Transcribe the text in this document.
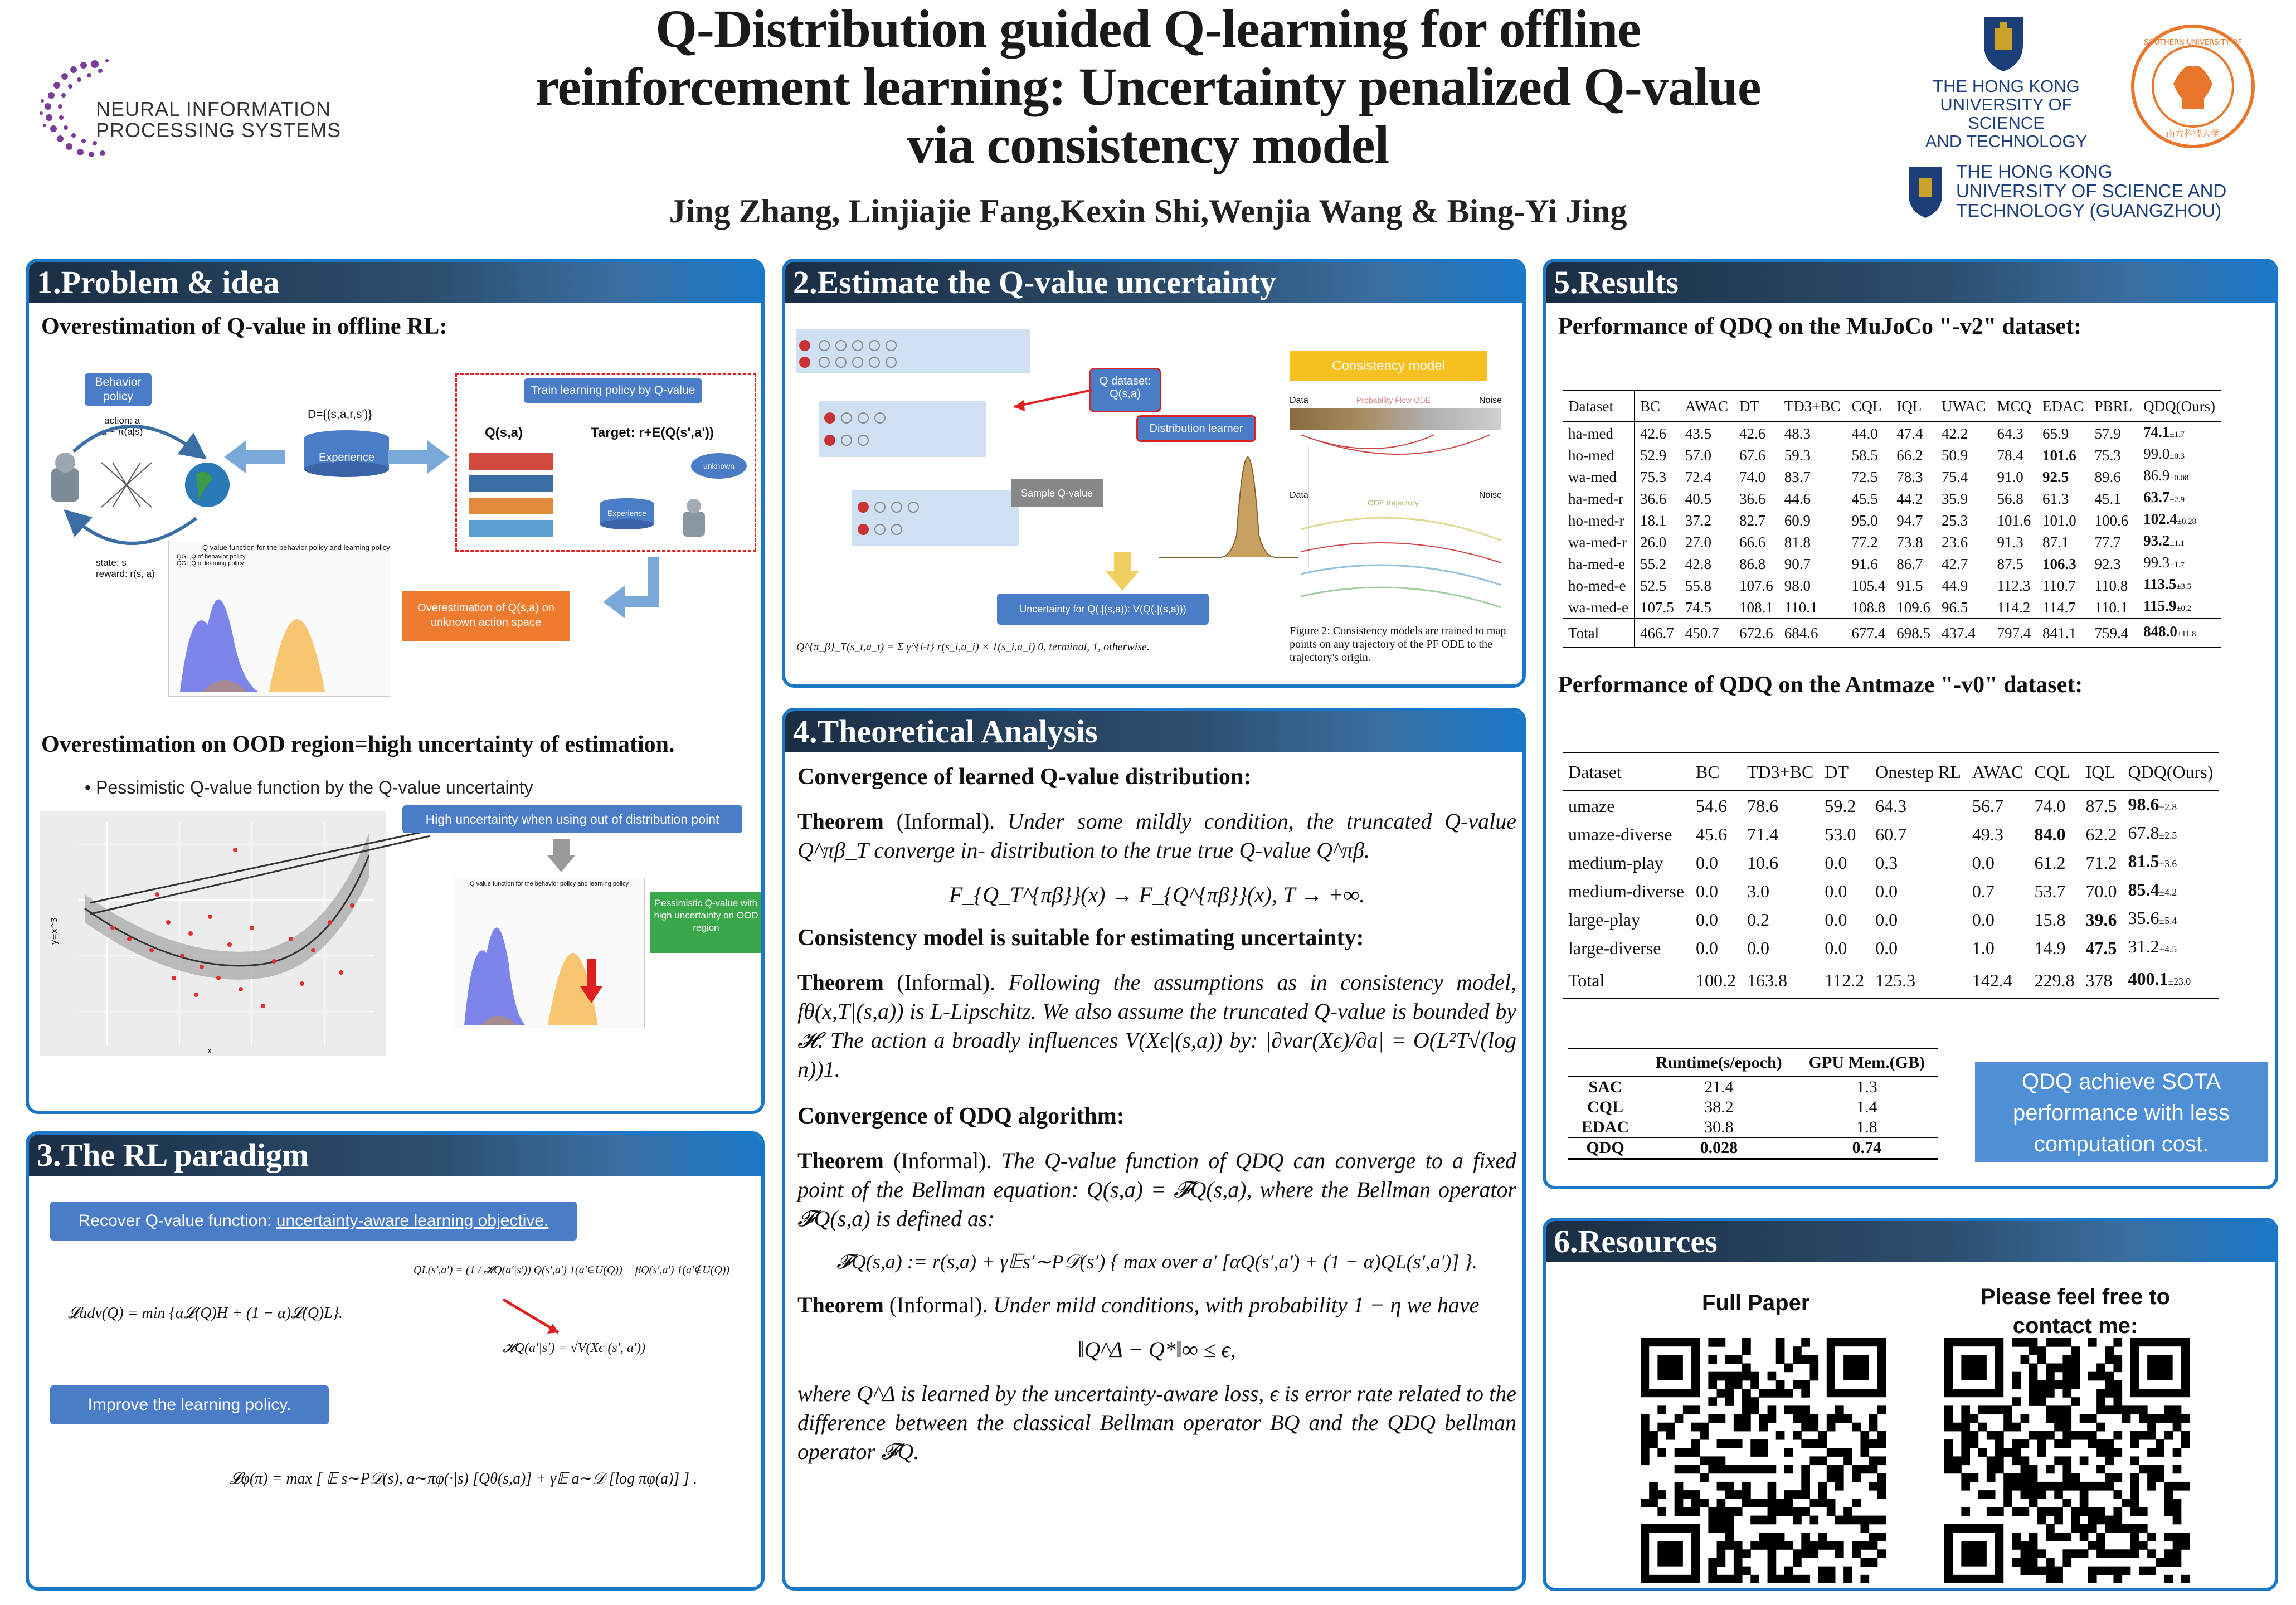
NEURAL INFORMATION
PROCESSING SYSTEMS
Q-Distribution guided Q-learning for offline
reinforcement learning: Uncertainty penalized Q-value
via consistency model
Jing Zhang, Linjiajie Fang,Kexin Shi,Wenjia Wang & Bing-Yi Jing
THE HONG KONG
UNIVERSITY OF SCIENCE
AND TECHNOLOGY
SOUTHERN UNIVERSITY OF
南方科技大学
THE HONG KONG
UNIVERSITY OF SCIENCE AND
TECHNOLOGY (GUANGZHOU)
1.Problem & idea
Overestimation of Q-value in offline RL:
Behavior policy
action: a
a ~ π(a|s)
state: s
reward: r(s, a)
D={(s,a,r,s')}
Experience
Train learning policy by Q-value
Q(s,a)	Target: r+E(Q(s',a'))
Experience
unknown
Overestimation of Q(s,a) on unknown action space
Q value function for the behavior policy and learning policy
QGL,Q of behavior policy
QGL,Q of learning policy
Overestimation on OOD region=high uncertainty of estimation.
• Pessimistic Q-value function by the Q-value uncertainty
y=x^3
x
High uncertainty when using out of distribution point
Q value function for the behavior policy and learning policy
Pessimistic Q-value with high uncertainty on OOD region
3.The RL paradigm
Recover Q-value function: uncertainty-aware learning objective.
QL(s′,a′) = (1 / 𝓗Q(a′|s′)) Q(s′,a′) 1(a′∈U(Q)) + βQ(s′,a′) 1(a′∉U(Q))
𝓛adv(Q) = min {α𝓛(Q)H + (1 − α)𝓛(Q)L}.
𝓗Q(a′|s′) = √V(Xϵ|(s′, a′))
Improve the learning policy.
𝓛φ(π) = max [ 𝔼 s∼P𝒟(s), a∼πφ(·|s) [Qθ(s,a)] + γ𝔼 a∼𝒟 [log πφ(a)] ] .
2.Estimate the Q-value uncertainty
Q dataset: Q(s,a)
Distribution learner
Sample Q-value
Uncertainty for Q(.|(s,a)): V(Q(.|(s,a)))
Q^{π_β}_T(s_t,a_t) = Σ γ^{i-t} r(s_i,a_i) × 1(s_i,a_i) 0, terminal, 1, otherwise.
Consistency model
Data	Probability Flow ODE	Noise
Data
ODE trajectory
Noise
Figure 2: Consistency models are trained to map points on any trajectory of the PF ODE to the trajectory's origin.
4.Theoretical Analysis
Convergence of learned Q-value distribution:
Theorem (Informal). Under some mildly condition, the truncated Q-value Q^πβ_T converge in- distribution to the true true Q-value Q^πβ.
F_{Q_T^{πβ}}(x) → F_{Q^{πβ}}(x), T → +∞.
Consistency model is suitable for estimating uncertainty:
Theorem (Informal). Following the assumptions as in consistency model, fθ(x,T|(s,a)) is L-Lipschitz. We also assume the truncated Q-value is bounded by 𝓗. The action a broadly influences V(Xϵ|(s,a)) by: |∂var(Xϵ)/∂a| = O(L²T√(log n))1.
Convergence of QDQ algorithm:
Theorem (Informal). The Q-value function of QDQ can converge to a fixed point of the Bellman equation: Q(s,a) = 𝓕Q(s,a), where the Bellman operator 𝓕Q(s,a) is defined as:
𝓕Q(s,a) := r(s,a) + γ𝔼s′∼P𝒟(s′) { max over a′ [αQ(s′,a′) + (1 − α)QL(s′,a′)] }.
Theorem (Informal). Under mild conditions, with probability 1 − η we have
‖Q^Δ − Q*‖∞ ≤ ϵ,
where Q^Δ is learned by the uncertainty-aware loss, ϵ is error rate related to the difference between the classical Bellman operator BQ and the QDQ bellman operator 𝓕Q.
5.Results
Performance of QDQ on the MuJoCo "-v2" dataset:
Dataset	BC	AWAC	DT	TD3+BC	CQL	IQL	UWAC	MCQ	EDAC	PBRL	QDQ(Ours)
ha-med	42.6	43.5	42.6	48.3	44.0	47.4	42.2	64.3	65.9	57.9	74.1±1.7
ho-med	52.9	57.0	67.6	59.3	58.5	66.2	50.9	78.4	101.6	75.3	99.0±0.3
wa-med	75.3	72.4	74.0	83.7	72.5	78.3	75.4	91.0	92.5	89.6	86.9±0.08
ha-med-r	36.6	40.5	36.6	44.6	45.5	44.2	35.9	56.8	61.3	45.1	63.7±2.9
ho-med-r	18.1	37.2	82.7	60.9	95.0	94.7	25.3	101.6	101.0	100.6	102.4±0.28
wa-med-r	26.0	27.0	66.6	81.8	77.2	73.8	23.6	91.3	87.1	77.7	93.2±1.1
ha-med-e	55.2	42.8	86.8	90.7	91.6	86.7	42.7	87.5	106.3	92.3	99.3±1.7
ho-med-e	52.5	55.8	107.6	98.0	105.4	91.5	44.9	112.3	110.7	110.8	113.5±3.5
wa-med-e	107.5	74.5	108.1	110.1	108.8	109.6	96.5	114.2	114.7	110.1	115.9±0.2
Total	466.7	450.7	672.6	684.6	677.4	698.5	437.4	797.4	841.1	759.4	848.0±11.8
Performance of QDQ on the Antmaze "-v0" dataset:
Dataset	BC	TD3+BC	DT	Onestep RL	AWAC	CQL	IQL	QDQ(Ours)
umaze	54.6	78.6	59.2	64.3	56.7	74.0	87.5	98.6±2.8
umaze-diverse	45.6	71.4	53.0	60.7	49.3	84.0	62.2	67.8±2.5
medium-play	0.0	10.6	0.0	0.3	0.0	61.2	71.2	81.5±3.6
medium-diverse	0.0	3.0	0.0	0.0	0.7	53.7	70.0	85.4±4.2
large-play	0.0	0.2	0.0	0.0	0.0	15.8	39.6	35.6±5.4
large-diverse	0.0	0.0	0.0	0.0	1.0	14.9	47.5	31.2±4.5
Total	100.2	163.8	112.2	125.3	142.4	229.8	378	400.1±23.0
	Runtime(s/epoch)	GPU Mem.(GB)
SAC	21.4	1.3
CQL	38.2	1.4
EDAC	30.8	1.8
QDQ	0.028	0.74
QDQ achieve SOTA performance with less computation cost.
6.Resources
Full Paper	Please feel free to contact me:
